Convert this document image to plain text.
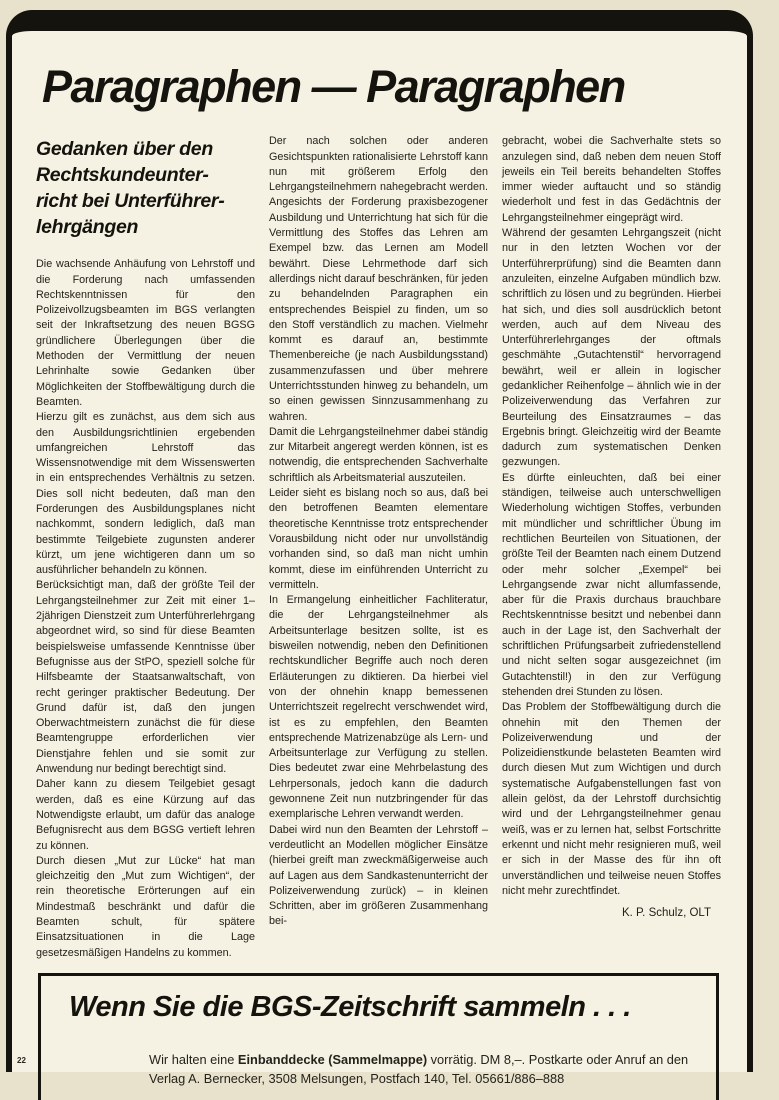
Paragraphen — Paragraphen
Gedanken über den
Rechtskundeunter-
richt bei Unterführer-
lehrgängen

Die wachsende Anhäufung von Lehrstoff und die Forderung nach umfassenden Rechtskenntnissen für den Polizeivollzugsbeamten im BGS verlangten seit der Inkraftsetzung des neuen BGSG gründlichere Überlegungen über die Methoden der Vermittlung der neuen Lehrinhalte sowie Gedanken über Möglichkeiten der Stoffbewältigung durch die Beamten.

Hierzu gilt es zunächst, aus dem sich aus den Ausbildungsrichtlinien ergebenden umfangreichen Lehrstoff das Wissensnotwendige mit dem Wissenswerten in ein entsprechendes Verhältnis zu setzen. Dies soll nicht bedeuten, daß man den Forderungen des Ausbildungsplanes nicht nachkommt, sondern lediglich, daß man bestimmte Teilgebiete zugunsten anderer kürzt, um jene wichtigeren dann um so ausführlicher behandeln zu können.

Berücksichtigt man, daß der größte Teil der Lehrgangsteilnehmer zur Zeit mit einer 1–2jährigen Dienstzeit zum Unterführerlehrgang abgeordnet wird, so sind für diese Beamten beispielsweise umfassende Kenntnisse über Befugnisse aus der StPO, speziell solche für Hilfsbeamte der Staatsanwaltschaft, von recht geringer praktischer Bedeutung. Der Grund dafür ist, daß den jungen Oberwachtmeistern zunächst die für diese Beamtengruppe erforderlichen vier Dienstjahre fehlen und sie somit zur Anwendung nur bedingt berechtigt sind.

Daher kann zu diesem Teilgebiet gesagt werden, daß es eine Kürzung auf das Notwendigste erlaubt, um dafür das analoge Befugnisrecht aus dem BGSG vertieft lehren zu können.

Durch diesen „Mut zur Lücke“ hat man gleichzeitig den „Mut zum Wichtigen“, der rein theoretische Erörterungen auf ein Mindestmaß beschränkt und dafür die Beamten schult, für spätere Einsatzsituationen in die Lage gesetzesmäßigen Handelns zu kommen.

Der nach solchen oder anderen Gesichtspunkten rationalisierte Lehrstoff kann nun mit größerem Erfolg den Lehrgangsteilnehmern nahegebracht werden. Angesichts der Forderung praxisbezogener Ausbildung und Unterrichtung hat sich für die Vermittlung des Stoffes das Lehren am Exempel bzw. das Lernen am Modell bewährt. Diese Lehrmethode darf sich allerdings nicht darauf beschränken, für jeden zu behandelnden Paragraphen ein entsprechendes Beispiel zu finden, um so den Stoff verständlich zu machen. Vielmehr kommt es darauf an, bestimmte Themenbereiche (je nach Ausbildungsstand) zusammenzufassen und über mehrere Unterrichtsstunden hinweg zu behandeln, um so einen gewissen Sinnzusammenhang zu wahren.

Damit die Lehrgangsteilnehmer dabei ständig zur Mitarbeit angeregt werden können, ist es notwendig, die entsprechenden Sachverhalte schriftlich als Arbeitsmaterial auszuteilen.

Leider sieht es bislang noch so aus, daß bei den betroffenen Beamten elementare theoretische Kenntnisse trotz entsprechender Vorausbildung nicht oder nur unvollständig vorhanden sind, so daß man nicht umhin kommt, diese im einführenden Unterricht zu vermitteln.

In Ermangelung einheitlicher Fachliteratur, die der Lehrgangsteilnehmer als Arbeitsunterlage besitzen sollte, ist es bisweilen notwendig, neben den Definitionen rechtskundlicher Begriffe auch noch deren Erläuterungen zu diktieren. Da hierbei viel von der ohnehin knapp bemessenen Unterrichtszeit regelrecht verschwendet wird, ist es zu empfehlen, den Beamten entsprechende Matrizenabzüge als Lern- und Arbeitsunterlage zur Verfügung zu stellen. Dies bedeutet zwar eine Mehrbelastung des Lehrpersonals, jedoch kann die dadurch gewonnene Zeit nun nutzbringender für das exemplarische Lehren verwandt werden.

Dabei wird nun den Beamten der Lehrstoff – verdeutlicht an Modellen möglicher Einsätze (hierbei greift man zweckmäßigerweise auch auf Lagen aus dem Sandkastenunterricht der Polizeiverwendung zurück) – in kleinen Schritten, aber im größeren Zusammenhang bei-

gebracht, wobei die Sachverhalte stets so anzulegen sind, daß neben dem neuen Stoff jeweils ein Teil bereits behandelten Stoffes immer wieder auftaucht und so ständig wiederholt und fest in das Gedächtnis der Lehrgangsteilnehmer eingeprägt wird.

Während der gesamten Lehrgangszeit (nicht nur in den letzten Wochen vor der Unterführerprüfung) sind die Beamten dann anzuleiten, einzelne Aufgaben mündlich bzw. schriftlich zu lösen und zu begründen. Hierbei hat sich, und dies soll ausdrücklich betont werden, auch auf dem Niveau des Unterführerlehrganges der oftmals geschmähte „Gutachtenstil“ hervorragend bewährt, weil er allein in logischer gedanklicher Reihenfolge – ähnlich wie in der Polizeiverwendung das Verfahren zur Beurteilung des Einsatzraumes – das Ergebnis bringt. Gleichzeitig wird der Beamte dadurch zum systematischen Denken gezwungen.

Es dürfte einleuchten, daß bei einer ständigen, teilweise auch unterschwelligen Wiederholung wichtigen Stoffes, verbunden mit mündlicher und schriftlicher Übung im rechtlichen Beurteilen von Situationen, der größte Teil der Beamten nach einem Dutzend oder mehr solcher „Exempel“ bei Lehrgangsende zwar nicht allumfassende, aber für die Praxis durchaus brauchbare Rechtskenntnisse besitzt und nebenbei dann auch in der Lage ist, den Sachverhalt der schriftlichen Prüfungsarbeit zufriedenstellend und nicht selten sogar ausgezeichnet (im Gutachtenstil!) in den zur Verfügung stehenden drei Stunden zu lösen.

Das Problem der Stoffbewältigung durch die ohnehin mit den Themen der Polizeiverwendung und der Polizeidienstkunde belasteten Beamten wird durch diesen Mut zum Wichtigen und durch systematische Aufgabenstellungen fast von allein gelöst, da der Lehrstoff durchsichtig wird und der Lehrgangsteilnehmer genau weiß, was er zu lernen hat, selbst Fortschritte erkennt und nicht mehr resignieren muß, weil er sich in der Masse des für ihn oft unverständlichen und teilweise neuen Stoffes nicht mehr zurechtfindet.

K. P. Schulz, OLT
Wenn Sie die BGS-Zeitschrift sammeln . . .
Wir halten eine Einbanddecke (Sammelmappe) vorrätig. DM 8,–. Postkarte oder Anruf an den
Verlag A. Bernecker, 3508 Melsungen, Postfach 140, Tel. 05661/886–888
22
